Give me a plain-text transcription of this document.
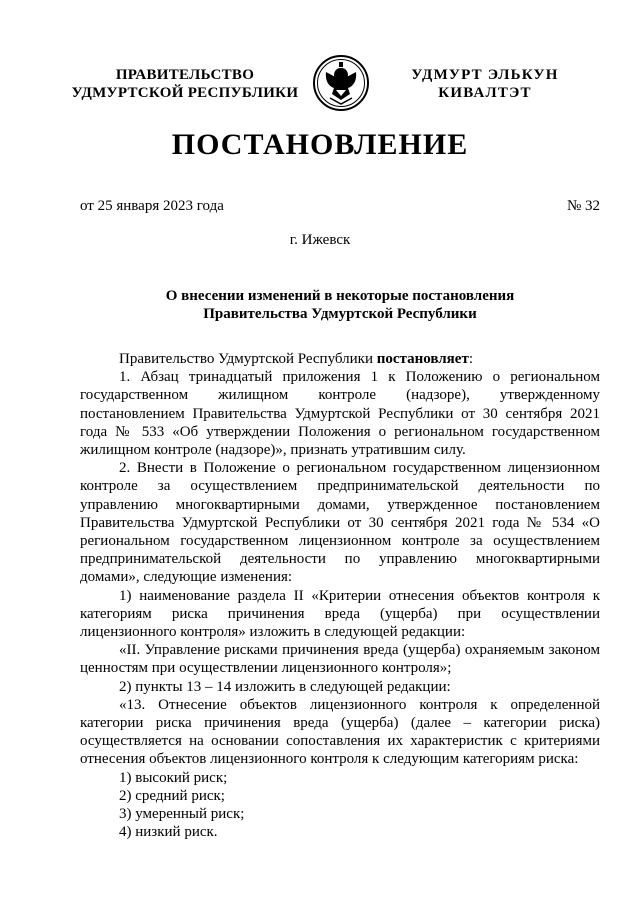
ПРАВИТЕЛЬСТВО
УДМУРТСКОЙ РЕСПУБЛИКИ
УДМУРТ ЭЛЬКУН
КИВАЛТЭТ
ПОСТАНОВЛЕНИЕ
от 25 января 2023 года	№ 32
г. Ижевск
О внесении изменений в некоторые постановления
Правительства Удмуртской Республики

Правительство Удмуртской Республики постановляет:

1. Абзац тринадцатый приложения 1 к Положению о региональном государственном жилищном контроле (надзоре), утвержденному постановлением Правительства Удмуртской Республики от 30 сентября 2021 года № 533 «Об утверждении Положения о региональном государственном жилищном контроле (надзоре)», признать утратившим силу.

2. Внести в Положение о региональном государственном лицензионном контроле за осуществлением предпринимательской деятельности по управлению многоквартирными домами, утвержденное постановлением Правительства Удмуртской Республики от 30 сентября 2021 года № 534 «О региональном государственном лицензионном контроле за осуществлением предпринимательской деятельности по управлению многоквартирными домами», следующие изменения:

1) наименование раздела II «Критерии отнесения объектов контроля к категориям риска причинения вреда (ущерба) при осуществлении лицензионного контроля» изложить в следующей редакции:

«II. Управление рисками причинения вреда (ущерба) охраняемым законом ценностям при осуществлении лицензионного контроля»;

2) пункты 13 – 14 изложить в следующей редакции:

«13. Отнесение объектов лицензионного контроля к определенной категории риска причинения вреда (ущерба) (далее – категории риска) осуществляется на основании сопоставления их характеристик с критериями отнесения объектов лицензионного контроля к следующим категориям риска:

1) высокий риск;

2) средний риск;

3) умеренный риск;

4) низкий риск.
